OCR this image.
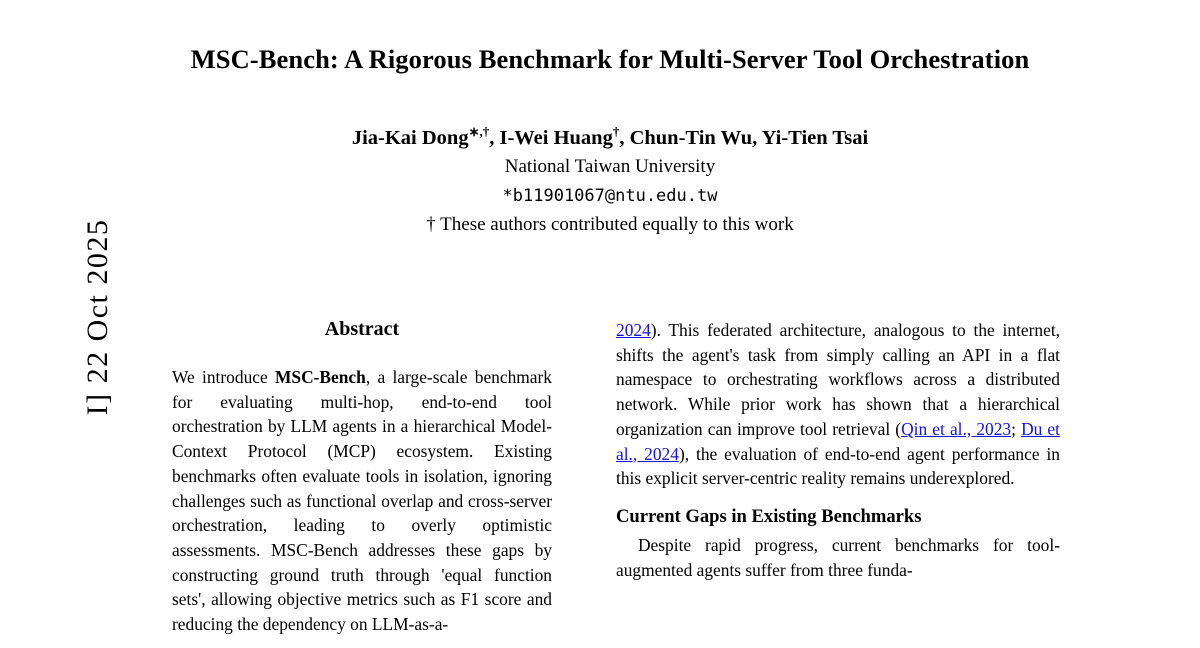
I] 22 Oct 2025
MSC-Bench: A Rigorous Benchmark for Multi-Server Tool Orchestration
Jia-Kai Dong∗,†, I-Wei Huang†, Chun-Tin Wu, Yi-Tien Tsai
National Taiwan University
*b11901067@ntu.edu.tw
† These authors contributed equally to this work
Abstract

We introduce MSC-Bench, a large-scale benchmark for evaluating multi-hop, end-to-end tool orchestration by LLM agents in a hierarchical Model-Context Protocol (MCP) ecosystem. Existing benchmarks often evaluate tools in isolation, ignoring challenges such as functional overlap and cross-server orchestration, leading to overly optimistic assessments. MSC-Bench addresses these gaps by constructing ground truth through 'equal function sets', allowing objective metrics such as F1 score and reducing the dependency on LLM-as-a-

2024). This federated architecture, analogous to the internet, shifts the agent's task from simply calling an API in a flat namespace to orchestrating workflows across a distributed network. While prior work has shown that a hierarchical organization can improve tool retrieval (Qin et al., 2023; Du et al., 2024), the evaluation of end-to-end agent performance in this explicit server-centric reality remains underexplored.

Current Gaps in Existing Benchmarks

Despite rapid progress, current benchmarks for tool-augmented agents suffer from three funda-
